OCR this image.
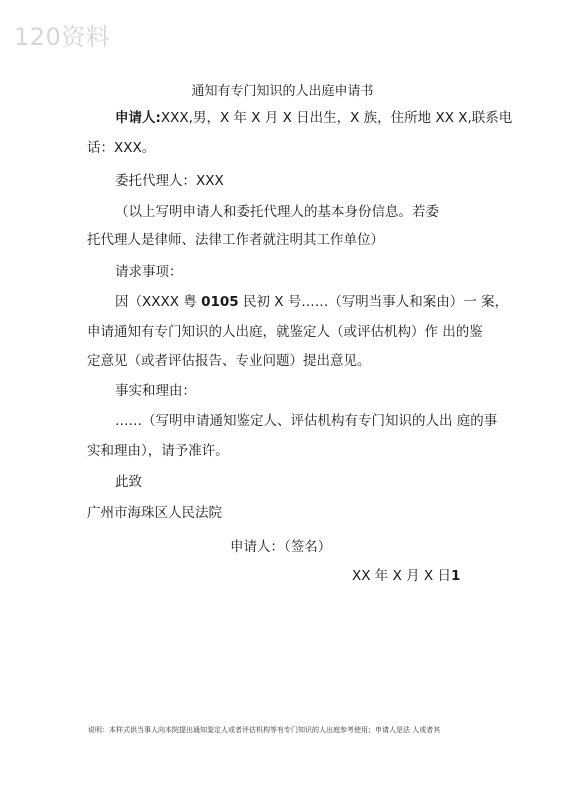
120资料
通知有专门知识的人出庭申请书
申请人:XXX,男，X 年 X 月 X 日出生，X 族，住所地 XX X,联系电
话：XXX。
委托代理人：XXX
（以上写明申请人和委托代理人的基本身份信息。若委
托代理人是律师、法律工作者就注明其工作单位）
请求事项：
因（XXXX 粤 0105 民初 X 号……（写明当事人和案由）一 案，
申请通知有专门知识的人出庭，就鉴定人（或评估机构）作 出的鉴
定意见（或者评估报告、专业问题）提出意见。
事实和理由：
……（写明申请通知鉴定人、评估机构有专门知识的人出 庭的事
实和理由），请予准许。
此致
广州市海珠区人民法院
申请人：（签名）
XX 年 X 月 X 日1
说明：本样式供当事人向本院提出通知鉴定人或者评估机构等有专门知识的人出庭参考使用；申请人是法 人或者其
